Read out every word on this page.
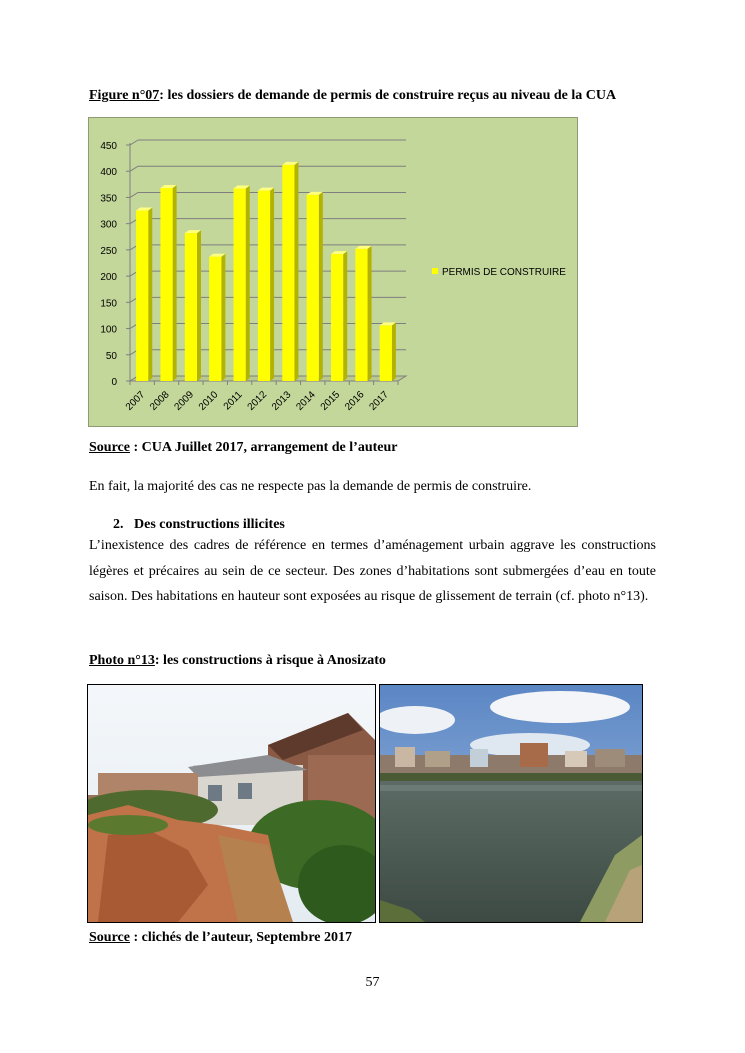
Figure n°07: les dossiers de demande de permis de construire reçus au niveau de la CUA
0
50
100
150
200
250
300
350
400
450
2007 2008 2009 2010 2011 2012 2013 2014 2015 2016 2017
PERMIS DE CONSTRUIRE
Source : CUA Juillet 2017, arrangement de l’auteur
En fait, la majorité des cas ne respecte pas la demande de permis de construire.
2. Des constructions illicites
L’inexistence des cadres de référence en termes d’aménagement urbain aggrave les constructions légères et précaires au sein de ce secteur. Des zones d’habitations sont submergées d’eau en toute saison. Des habitations en hauteur sont exposées au risque de glissement de terrain (cf. photo n°13).
Photo n°13: les constructions à risque à Anosizato
Source : clichés de l’auteur, Septembre 2017
57
